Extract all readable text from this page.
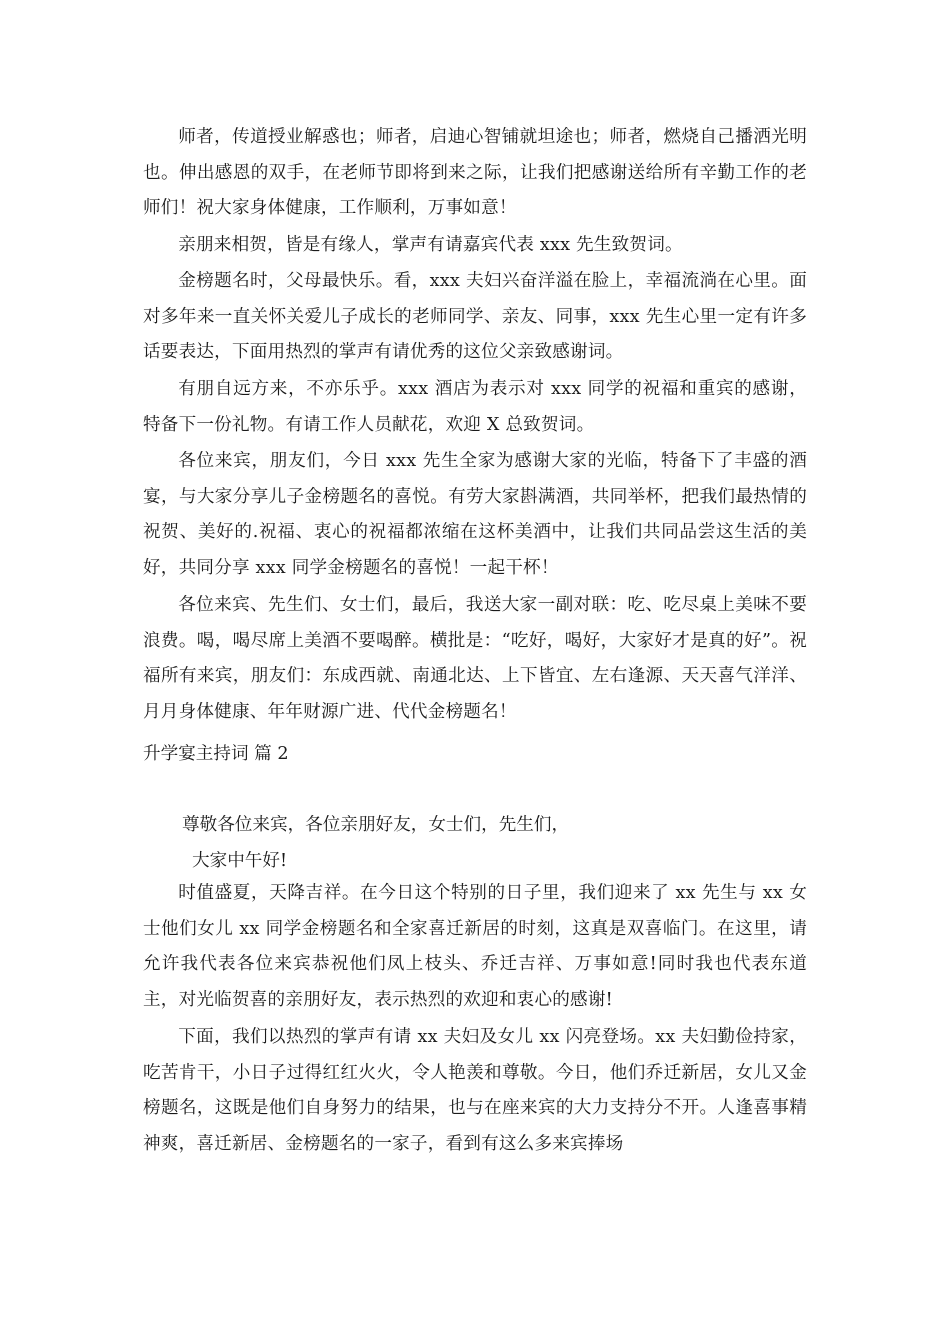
师者，传道授业解惑也；师者，启迪心智铺就坦途也；师者，燃烧自己播洒光明也。伸出感恩的双手，在老师节即将到来之际，让我们把感谢送给所有辛勤工作的老师们！祝大家身体健康，工作顺利，万事如意！

亲朋来相贺，皆是有缘人，掌声有请嘉宾代表 xxx 先生致贺词。

金榜题名时，父母最快乐。看，xxx 夫妇兴奋洋溢在脸上，幸福流淌在心里。面对多年来一直关怀关爱儿子成长的老师同学、亲友、同事，xxx 先生心里一定有许多话要表达，下面用热烈的掌声有请优秀的这位父亲致感谢词。

有朋自远方来，不亦乐乎。xxx 酒店为表示对 xxx 同学的祝福和重宾的感谢，特备下一份礼物。有请工作人员献花，欢迎 X 总致贺词。

各位来宾，朋友们，今日 xxx 先生全家为感谢大家的光临，特备下了丰盛的酒宴，与大家分享儿子金榜题名的喜悦。有劳大家斟满酒，共同举杯，把我们最热情的祝贺、美好的.祝福、衷心的祝福都浓缩在这杯美酒中，让我们共同品尝这生活的美好，共同分享 xxx 同学金榜题名的喜悦！一起干杯！

各位来宾、先生们、女士们，最后，我送大家一副对联：吃、吃尽桌上美味不要浪费。喝，喝尽席上美酒不要喝醉。横批是：“吃好，喝好，大家好才是真的好”。祝福所有来宾，朋友们：东成西就、南通北达、上下皆宜、左右逢源、天天喜气洋洋、月月身体健康、年年财源广进、代代金榜题名！

升学宴主持词 篇 2

尊敬各位来宾，各位亲朋好友，女士们，先生们，

大家中午好!

时值盛夏，天降吉祥。在今日这个特别的日子里，我们迎来了 xx 先生与 xx 女士他们女儿 xx 同学金榜题名和全家喜迁新居的时刻，这真是双喜临门。在这里，请允许我代表各位来宾恭祝他们凤上枝头、乔迁吉祥、万事如意!同时我也代表东道主，对光临贺喜的亲朋好友，表示热烈的欢迎和衷心的感谢!

下面，我们以热烈的掌声有请 xx 夫妇及女儿 xx 闪亮登场。xx 夫妇勤俭持家，吃苦肯干，小日子过得红红火火，令人艳羡和尊敬。今日，他们乔迁新居，女儿又金榜题名，这既是他们自身努力的结果，也与在座来宾的大力支持分不开。人逢喜事精神爽，喜迁新居、金榜题名的一家子，看到有这么多来宾捧场
